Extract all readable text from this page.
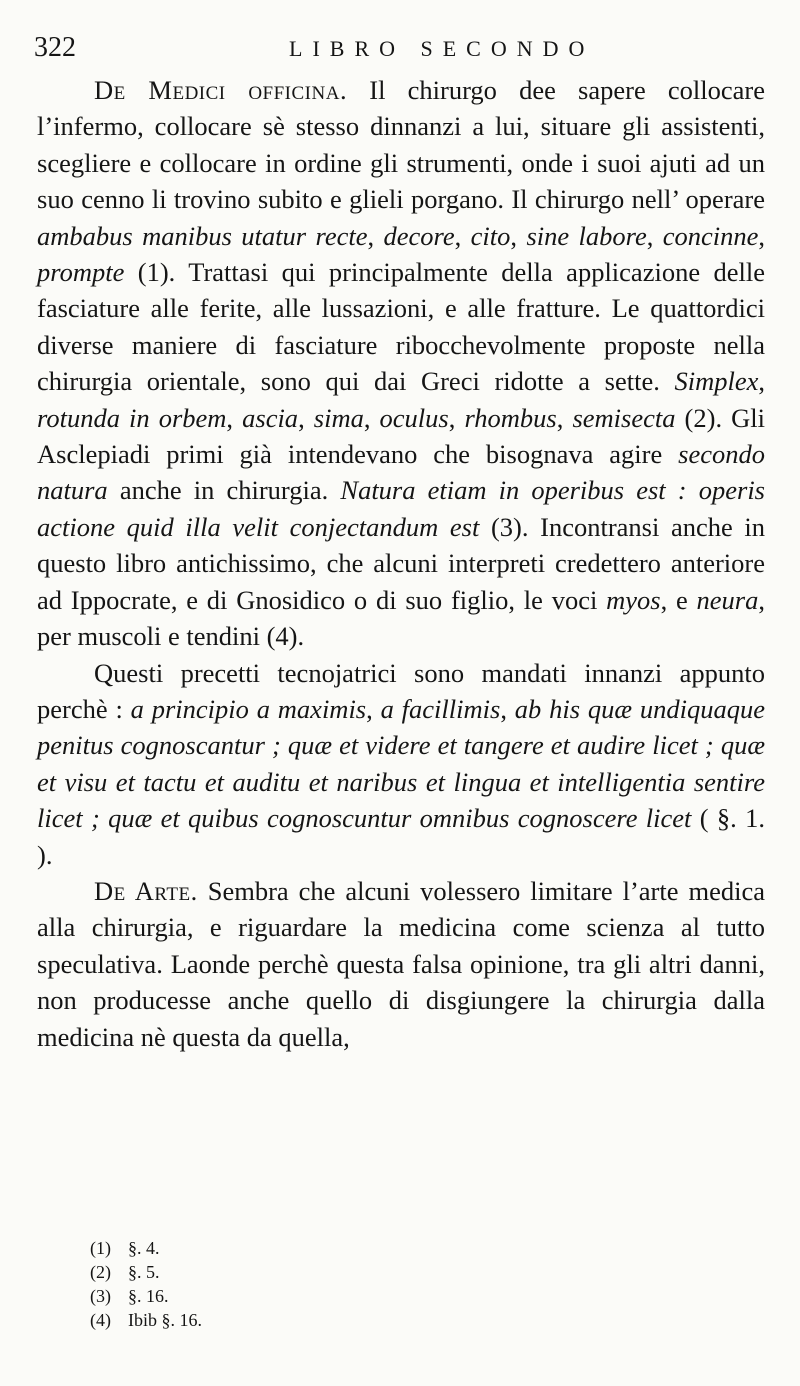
322	LIBRO SECONDO

De Medici officina. Il chirurgo dee sapere collocare l’infermo, collocare sè stesso dinnanzi a lui, situare gli assistenti, scegliere e collocare in ordine gli strumenti, onde i suoi ajuti ad un suo cenno li trovino subito e glieli porgano. Il chirurgo nell’ operare ambabus manibus utatur recte, decore, cito, sine labore, concinne, prompte (1). Trattasi qui principalmente della applicazione delle fasciature alle ferite, alle lussazioni, e alle fratture. Le quattordici diverse maniere di fasciature ribocchevolmente proposte nella chirurgia orientale, sono qui dai Greci ridotte a sette. Simplex, rotunda in orbem, ascia, sima, oculus, rhombus, semisecta (2). Gli Asclepiadi primi già intendevano che bisognava agire secondo natura anche in chirurgia. Natura etiam in operibus est : operis actione quid illa velit conjectandum est (3). Incontransi anche in questo libro antichissimo, che alcuni interpreti credettero anteriore ad Ippocrate, e di Gnosidico o di suo figlio, le voci myos, e neura, per muscoli e tendini (4).

Questi precetti tecnojatrici sono mandati innanzi appunto perchè : a principio a maximis, a facillimis, ab his quæ undiquaque penitus cognoscantur ; quæ et videre et tangere et audire licet ; quæ et visu et tactu et auditu et naribus et lingua et intelligentia sentire licet ; quæ et quibus cognoscuntur omnibus cognoscere licet ( §. 1. ).

De Arte. Sembra che alcuni volessero limitare l’arte medica alla chirurgia, e riguardare la medicina come scienza al tutto speculativa. Laonde perchè questa falsa opinione, tra gli altri danni, non producesse anche quello di disgiungere la chirurgia dalla medicina nè questa da quella,

(1) §. 4.
(2) §. 5.
(3) §. 16.
(4) Ibib §. 16.
